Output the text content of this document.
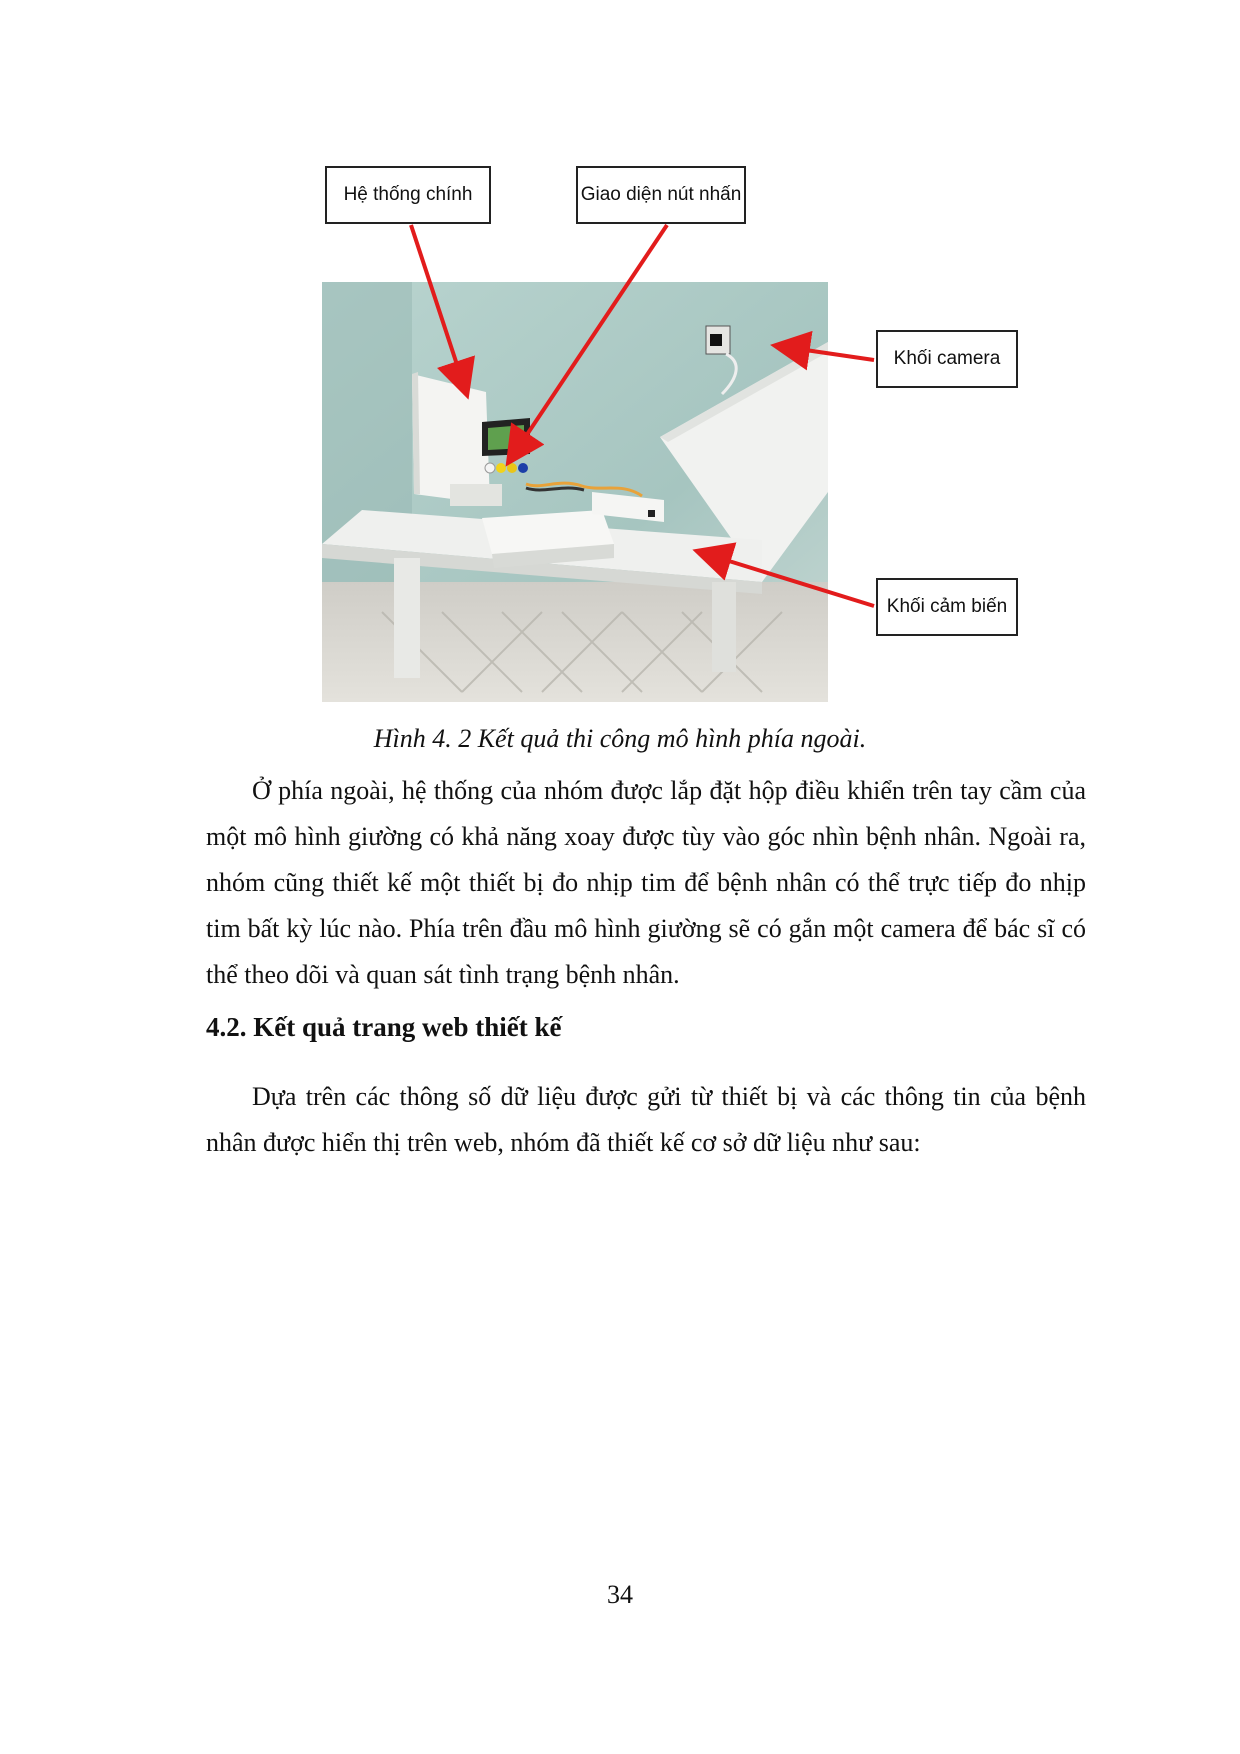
Hệ thống chính	Giao diện nút nhấn
Khối camera
Khối cảm biến
Hình 4. 2 Kết quả thi công mô hình phía ngoài.

Ở phía ngoài, hệ thống của nhóm được lắp đặt hộp điều khiển trên tay cầm của một mô hình giường có khả năng xoay được tùy vào góc nhìn bệnh nhân. Ngoài ra, nhóm cũng thiết kế một thiết bị đo nhịp tim để bệnh nhân có thể trực tiếp đo nhịp tim bất kỳ lúc nào. Phía trên đầu mô hình giường sẽ có gắn một camera để bác sĩ có thể theo dõi và quan sát tình trạng bệnh nhân.

4.2. Kết quả trang web thiết kế

Dựa trên các thông số dữ liệu được gửi từ thiết bị và các thông tin của bệnh nhân được hiển thị trên web, nhóm đã thiết kế cơ sở dữ liệu như sau:

34
